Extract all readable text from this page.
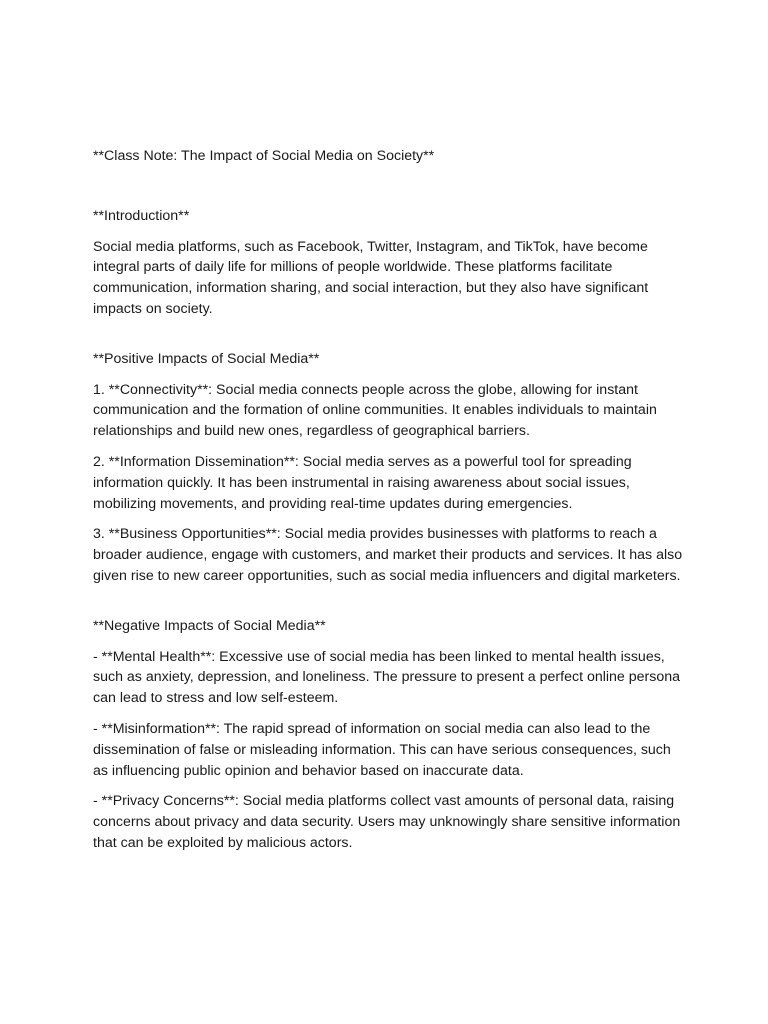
**Class Note: The Impact of Social Media on Society**

**Introduction**

Social media platforms, such as Facebook, Twitter, Instagram, and TikTok, have become integral parts of daily life for millions of people worldwide. These platforms facilitate communication, information sharing, and social interaction, but they also have significant impacts on society.

**Positive Impacts of Social Media**

1. **Connectivity**: Social media connects people across the globe, allowing for instant communication and the formation of online communities. It enables individuals to maintain relationships and build new ones, regardless of geographical barriers.

2. **Information Dissemination**: Social media serves as a powerful tool for spreading information quickly. It has been instrumental in raising awareness about social issues, mobilizing movements, and providing real-time updates during emergencies.

3. **Business Opportunities**: Social media provides businesses with platforms to reach a broader audience, engage with customers, and market their products and services. It has also given rise to new career opportunities, such as social media influencers and digital marketers.

**Negative Impacts of Social Media**

- **Mental Health**: Excessive use of social media has been linked to mental health issues, such as anxiety, depression, and loneliness. The pressure to present a perfect online persona can lead to stress and low self-esteem.

- **Misinformation**: The rapid spread of information on social media can also lead to the dissemination of false or misleading information. This can have serious consequences, such as influencing public opinion and behavior based on inaccurate data.

- **Privacy Concerns**: Social media platforms collect vast amounts of personal data, raising concerns about privacy and data security. Users may unknowingly share sensitive information that can be exploited by malicious actors.
